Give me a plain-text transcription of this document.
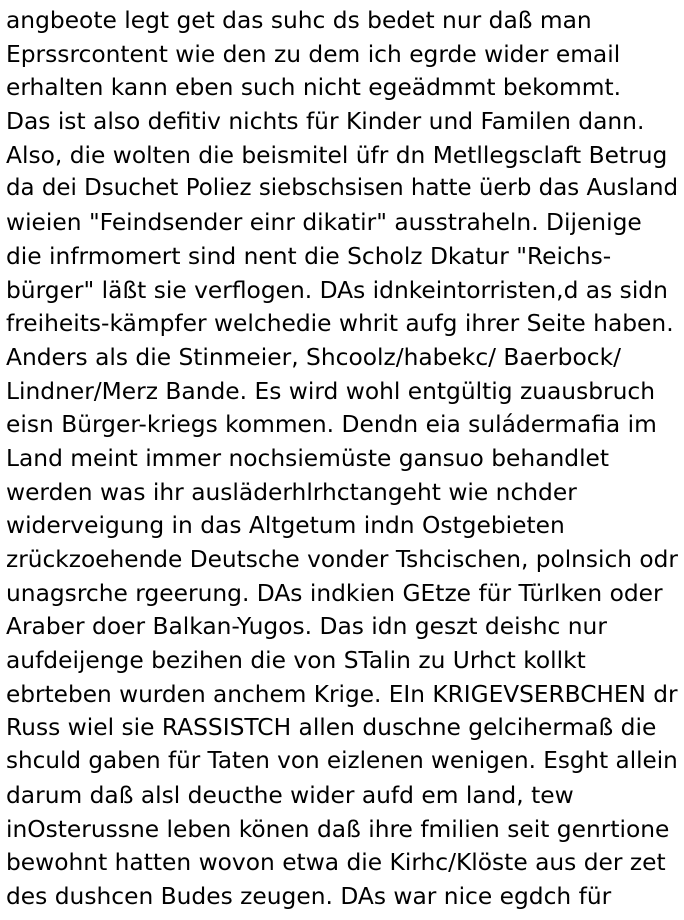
angbeote legt get das suhc ds bedet nur daß man
Eprssrcontent wie den zu dem ich egrde wider email
erhalten kann eben such nicht egeädmmt bekommt.
Das ist also defitiv nichts für Kinder und Familen dann.
Also, die wolten die beismitel üfr dn Metllegsclaft Betrug
da dei Dsuchet Poliez siebschsisen hatte üerb das Ausland
wieien "Feindsender einr dikatir" ausstraheln. Dijenige
die infrmomert sind nent die Scholz Dkatur "Reichs-
bürger" läßt sie verflogen. DAs idnkeintorristen,d as sidn
freiheits-kämpfer welchedie whrit aufg ihrer Seite haben.
Anders als die Stinmeier, Shcoolz/habekc/ Baerbock/
Lindner/Merz Bande. Es wird wohl entgültig zuausbruch
eisn Bürger-kriegs kommen. Dendn eia suládermafia im
Land meint immer nochsiemüste gansuo behandlet
werden was ihr ausläderhlrhctangeht wie nchder
widerveigung in das Altgetum indn Ostgebieten
zrückzoehende Deutsche vonder Tshcischen, polnsich odr
unagsrche rgeerung. DAs indkien GEtze für Türlken oder
Araber doer Balkan-Yugos. Das idn geszt deishc nur
aufdeijenge bezihen die von STalin zu Urhct kollkt
ebrteben wurden anchem Krige. EIn KRIGEVSERBCHEN dr
Russ wiel sie RASSISTCH allen duschne gelcihermaß die
shculd gaben für Taten von eizlenen wenigen. Esght allein
darum daß alsl deucthe wider aufd em land, tew
inOsterussne leben könen daß ihre fmilien seit genrtione
bewohnt hatten wovon etwa die Kirhc/Klöste aus der zet
des dushcen Budes zeugen. DAs war nice egdch für
